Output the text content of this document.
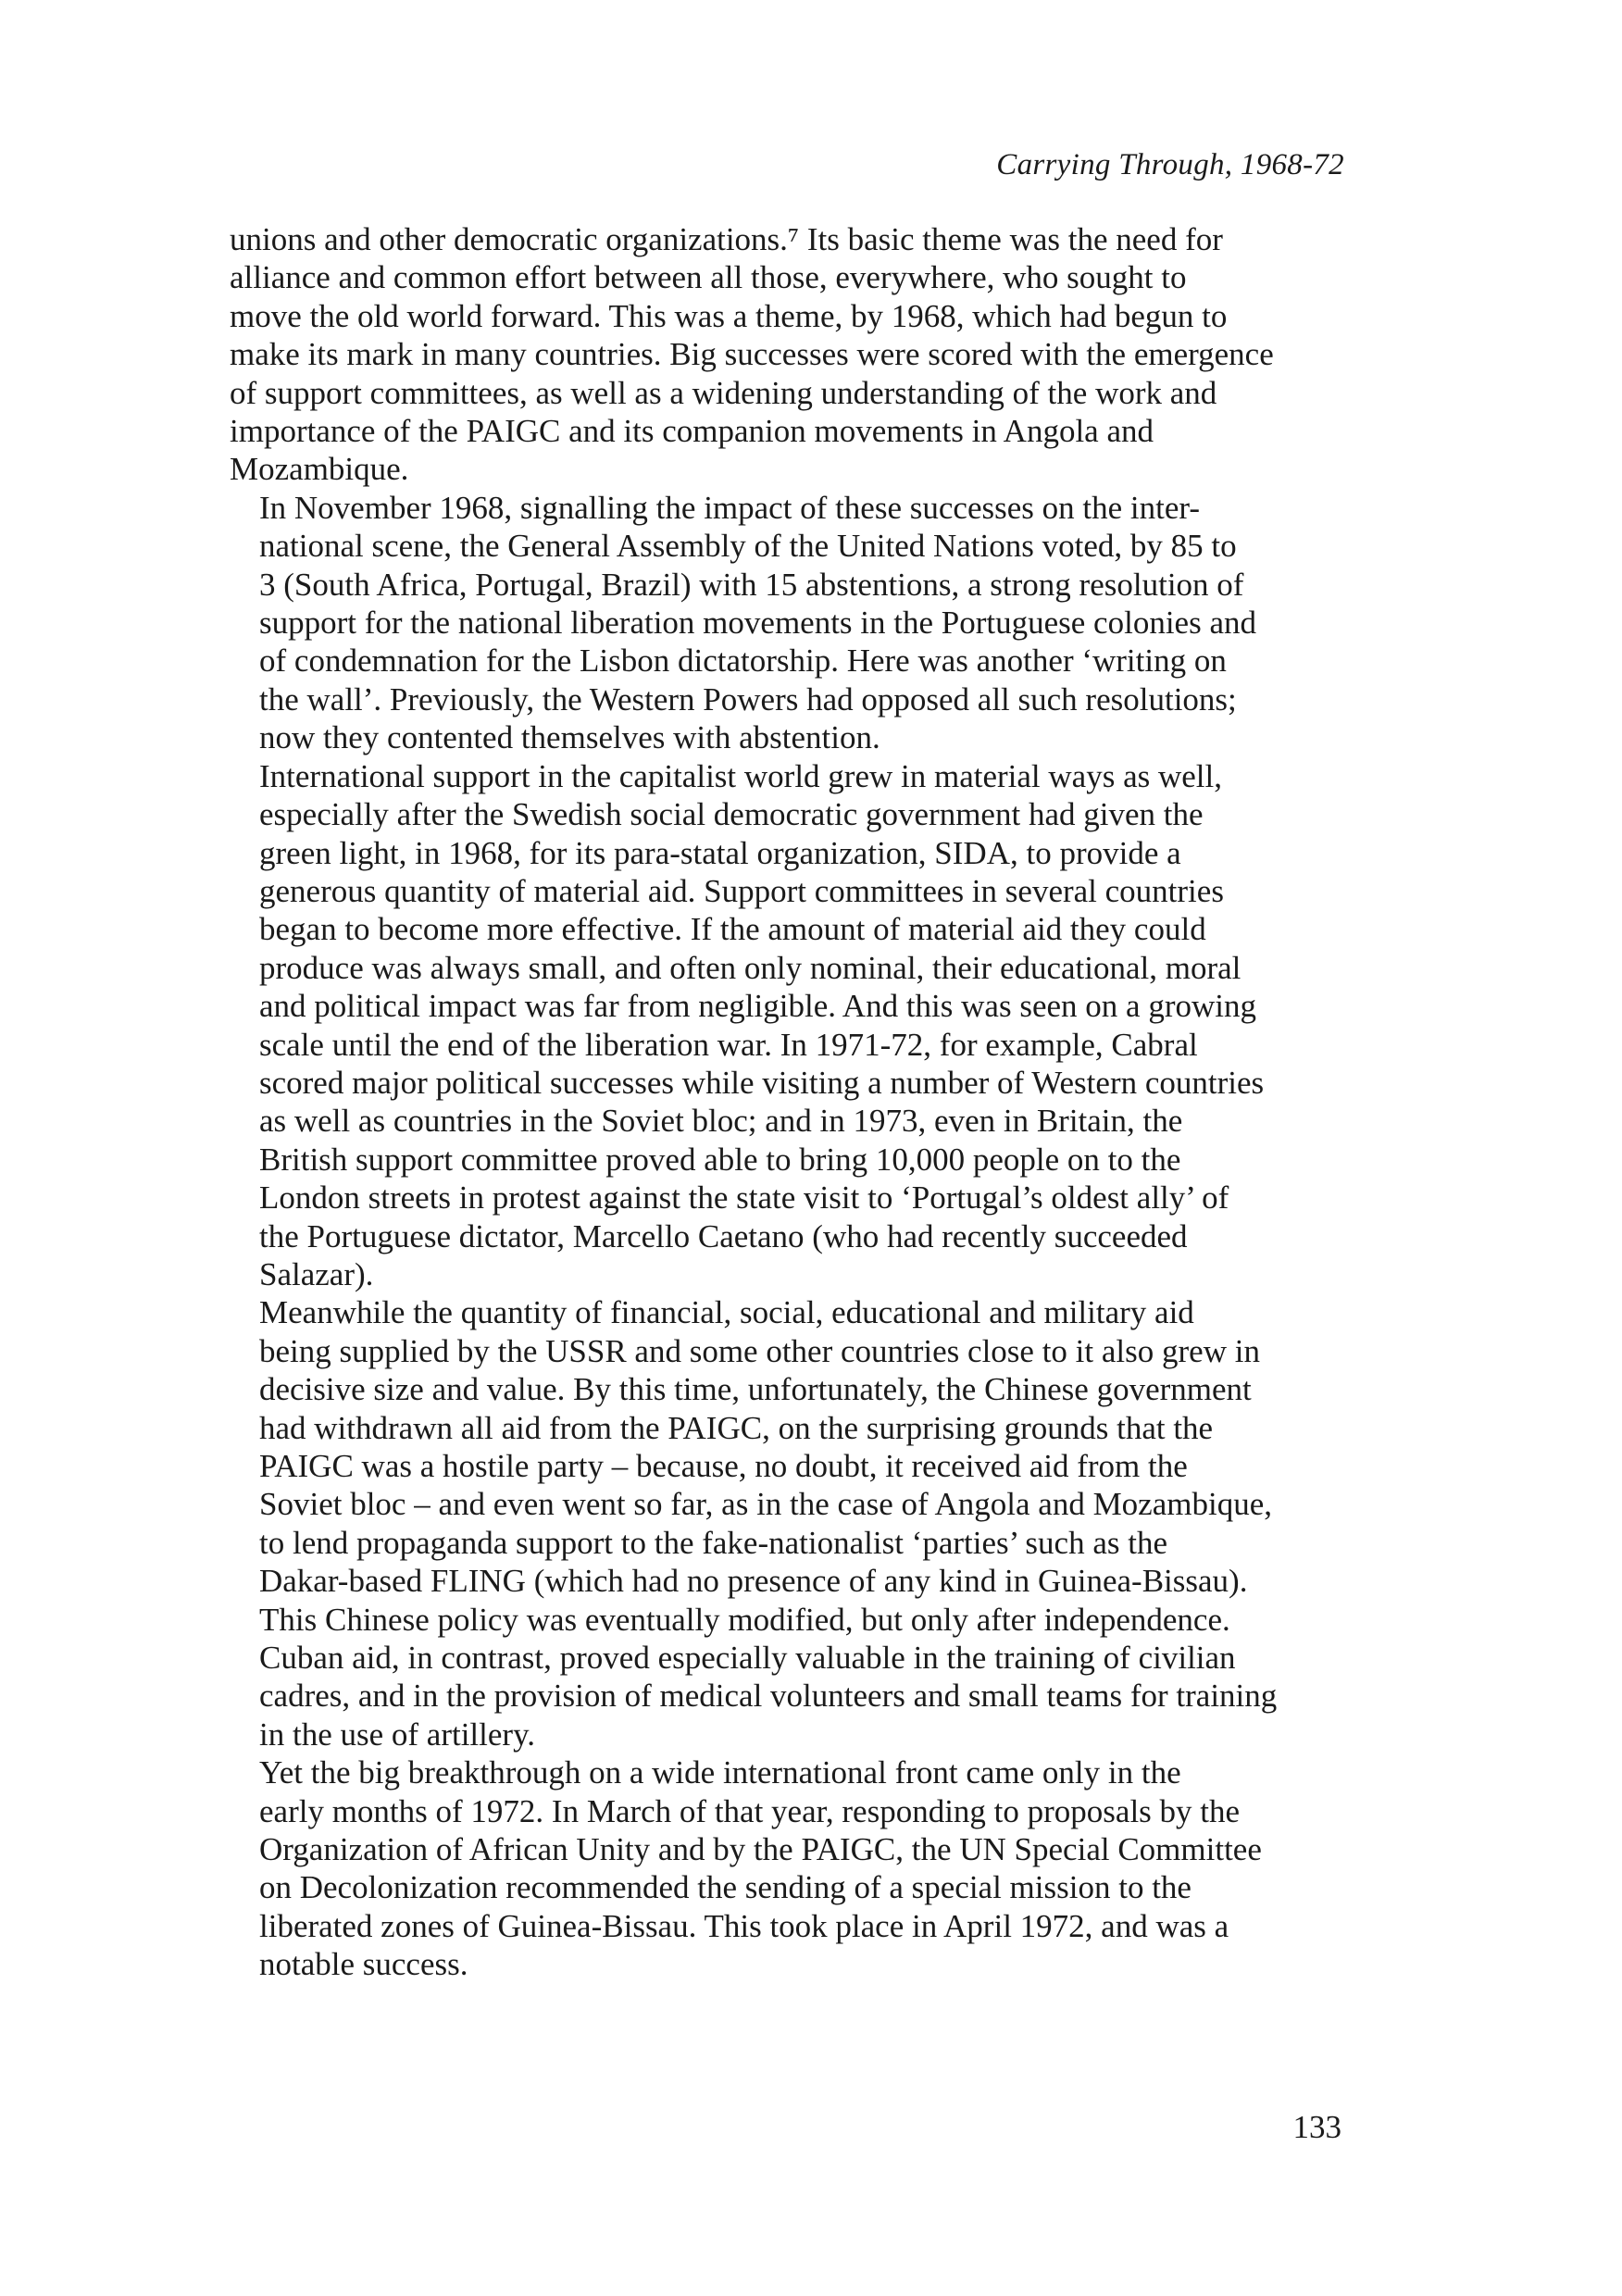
Carrying Through, 1968-72

unions and other democratic organizations.⁷ Its basic theme was the need for
alliance and common effort between all those, everywhere, who sought to
move the old world forward. This was a theme, by 1968, which had begun to
make its mark in many countries. Big successes were scored with the emergence
of support committees, as well as a widening understanding of the work and
importance of the PAIGC and its companion movements in Angola and
Mozambique.

In November 1968, signalling the impact of these successes on the inter-
national scene, the General Assembly of the United Nations voted, by 85 to
3 (South Africa, Portugal, Brazil) with 15 abstentions, a strong resolution of
support for the national liberation movements in the Portuguese colonies and
of condemnation for the Lisbon dictatorship. Here was another ‘writing on
the wall’. Previously, the Western Powers had opposed all such resolutions;
now they contented themselves with abstention.

International support in the capitalist world grew in material ways as well,
especially after the Swedish social democratic government had given the
green light, in 1968, for its para-statal organization, SIDA, to provide a
generous quantity of material aid. Support committees in several countries
began to become more effective. If the amount of material aid they could
produce was always small, and often only nominal, their educational, moral
and political impact was far from negligible. And this was seen on a growing
scale until the end of the liberation war. In 1971-72, for example, Cabral
scored major political successes while visiting a number of Western countries
as well as countries in the Soviet bloc; and in 1973, even in Britain, the
British support committee proved able to bring 10,000 people on to the
London streets in protest against the state visit to ‘Portugal’s oldest ally’ of
the Portuguese dictator, Marcello Caetano (who had recently succeeded
Salazar).

Meanwhile the quantity of financial, social, educational and military aid
being supplied by the USSR and some other countries close to it also grew in
decisive size and value. By this time, unfortunately, the Chinese government
had withdrawn all aid from the PAIGC, on the surprising grounds that the
PAIGC was a hostile party – because, no doubt, it received aid from the
Soviet bloc – and even went so far, as in the case of Angola and Mozambique,
to lend propaganda support to the fake-nationalist ‘parties’ such as the
Dakar-based FLING (which had no presence of any kind in Guinea-Bissau).
This Chinese policy was eventually modified, but only after independence.
Cuban aid, in contrast, proved especially valuable in the training of civilian
cadres, and in the provision of medical volunteers and small teams for training
in the use of artillery.

Yet the big breakthrough on a wide international front came only in the
early months of 1972. In March of that year, responding to proposals by the
Organization of African Unity and by the PAIGC, the UN Special Committee
on Decolonization recommended the sending of a special mission to the
liberated zones of Guinea-Bissau. This took place in April 1972, and was a
notable success.

133
